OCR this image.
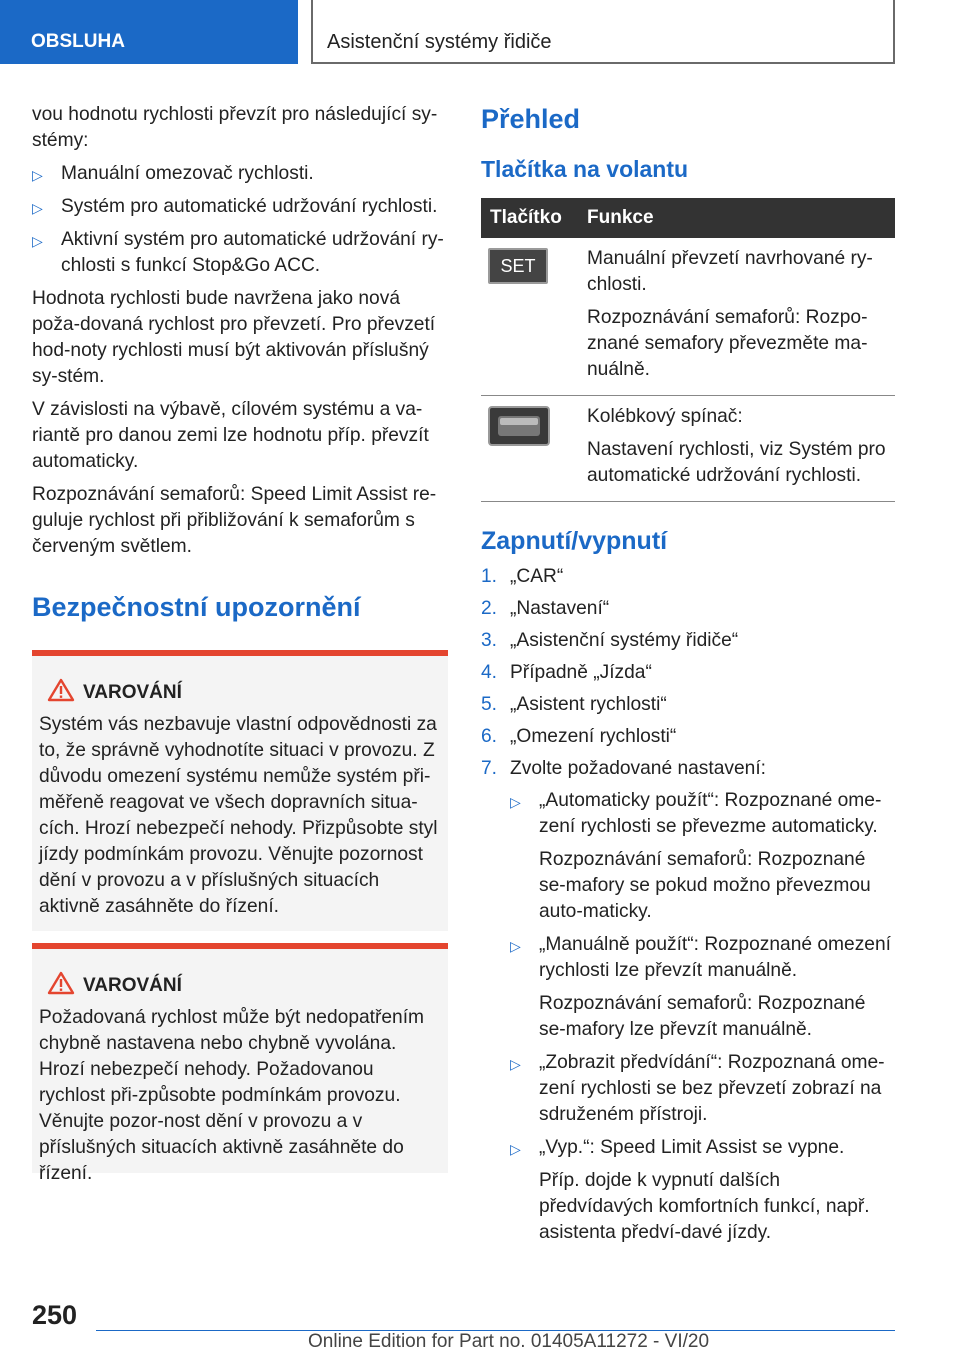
OBSLUHA	Asistenční systémy řidiče

vou hodnotu rychlosti převzít pro následující sy-stémy:

▷ Manuální omezovač rychlosti.
▷ Systém pro automatické udržování rychlosti.
▷ Aktivní systém pro automatické udržování ry-chlosti s funkcí Stop&Go ACC.

Hodnota rychlosti bude navržena jako nová poža-dovaná rychlost pro převzetí. Pro převzetí hod-noty rychlosti musí být aktivován příslušný sy-stém.

V závislosti na výbavě, cílovém systému a va-riantě pro danou zemi lze hodnotu příp. převzít automaticky.

Rozpoznávání semaforů: Speed Limit Assist re-guluje rychlost při přibližování k semaforům s červeným světlem.

Bezpečnostní upozornění
VAROVÁNÍ
Systém vás nezbavuje vlastní odpovědnosti za to, že správně vyhodnotíte situaci v provozu. Z důvodu omezení systému nemůže systém při-měřeně reagovat ve všech dopravních situa-cích. Hrozí nebezpečí nehody. Přizpůsobte styl jízdy podmínkám provozu. Věnujte pozornost dění v provozu a v příslušných situacích aktivně zasáhněte do řízení.
VAROVÁNÍ
Požadovaná rychlost může být nedopatřením chybně nastavena nebo chybně vyvolána. Hrozí nebezpečí nehody. Požadovanou rychlost při-způsobte podmínkám provozu. Věnujte pozor-nost dění v provozu a v příslušných situacích aktivně zasáhněte do řízení.
Přehled
Tlačítka na volantu
Tlačítko	Funkce

SET	Manuální převzetí navrhované ry-chlosti.

Rozpoznávání semaforů: Rozpo-znané semafory převezměte ma-nuálně.

Kolébkový spínač:

Nastavení rychlosti, viz Systém pro automatické udržování rychlosti.

Zapnutí/vypnutí
1. „CAR“
2. „Nastavení“
3. „Asistenční systémy řidiče“
4. Případně „Jízda“
5. „Asistent rychlosti“
6. „Omezení rychlosti“
7. Zvolte požadované nastavení:
▷ „Automaticky použít“: Rozpoznané ome-zení rychlosti se převezme automaticky.

Rozpoznávání semaforů: Rozpoznané se-mafory se pokud možno převezmou auto-maticky.

▷ „Manuálně použít“: Rozpoznané omezení rychlosti lze převzít manuálně.

Rozpoznávání semaforů: Rozpoznané se-mafory lze převzít manuálně.

▷ „Zobrazit předvídání“: Rozpoznaná ome-zení rychlosti se bez převzetí zobrazí na sdruženém přístroji.
▷ „Vyp.“: Speed Limit Assist se vypne.

Příp. dojde k vypnutí dalších předvídavých komfortních funkcí, např. asistenta předví-davé jízdy.

250
Online Edition for Part no. 01405A11272 - VI/20
